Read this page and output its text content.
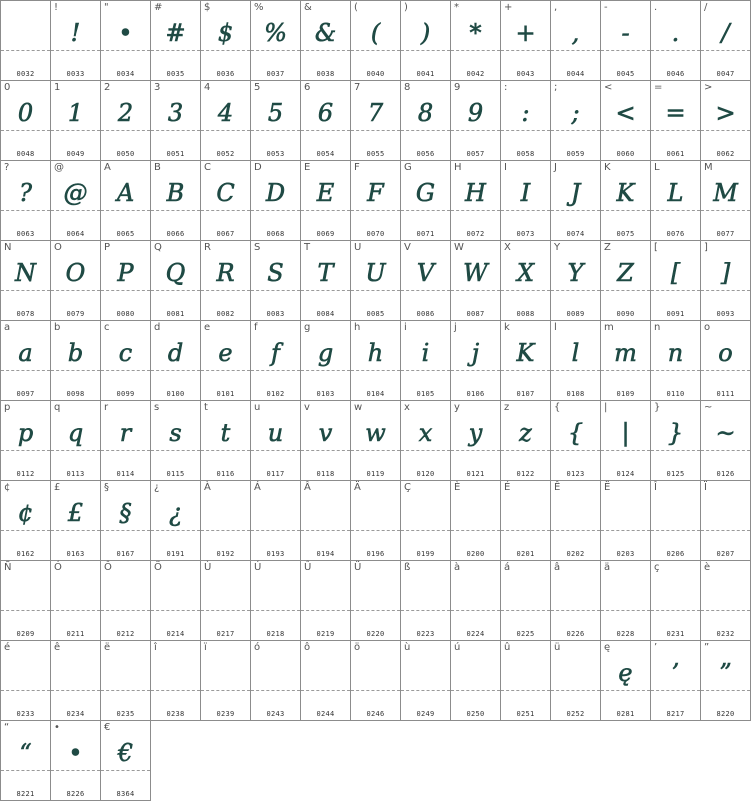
0032
!
!
0033
"
•
0034
#
#
0035
$
$
0036
%
%
0037
&
&
0038
(
(
0040
)
)
0041
*
*
0042
+
+
0043
,
,
0044
-
-
0045
.
.
0046
/
/
0047
0
0
0048
1
1
0049
2
2
0050
3
3
0051
4
4
0052
5
5
0053
6
6
0054
7
7
0055
8
8
0056
9
9
0057
:
:
0058
;
;
0059
<
<
0060
=
=
0061
>
>
0062
?
?
0063
@
@
0064
A
A
0065
B
B
0066
C
C
0067
D
D
0068
E
E
0069
F
F
0070
G
G
0071
H
H
0072
I
I
0073
J
J
0074
K
K
0075
L
L
0076
M
M
0077
N
N
0078
O
O
0079
P
P
0080
Q
Q
0081
R
R
0082
S
S
0083
T
T
0084
U
U
0085
V
V
0086
W
W
0087
X
X
0088
Y
Y
0089
Z
Z
0090
[
[
0091
]
]
0093
a
a
0097
b
b
0098
c
c
0099
d
d
0100
e
e
0101
f
f
0102
g
g
0103
h
h
0104
i
i
0105
j
j
0106
k
K
0107
l
l
0108
m
m
0109
n
n
0110
o
o
0111
p
p
0112
q
q
0113
r
r
0114
s
s
0115
t
t
0116
u
u
0117
v
v
0118
w
w
0119
x
x
0120
y
y
0121
z
z
0122
{
{
0123
|
|
0124
}
}
0125
~
~
0126
¢
¢
0162
£
£
0163
§
§
0167
¿
¿
0191
À
0192
Á
0193
Â
0194
Ä
0196
Ç
0199
È
0200
É
0201
Ê
0202
Ë
0203
Î
0206
Ï
0207
Ñ
0209
Ó
0211
Ô
0212
Ö
0214
Ù
0217
Ú
0218
Û
0219
Ü
0220
ß
0223
à
0224
á
0225
â
0226
ä
0228
ç
0231
è
0232
é
0233
ê
0234
ë
0235
î
0238
ï
0239
ó
0243
ô
0244
ö
0246
ù
0249
ú
0250
û
0251
ü
0252
ę
ę
0281
’
’
8217
”
”
8220
“
“
8221
•
•
8226
€
€
8364
